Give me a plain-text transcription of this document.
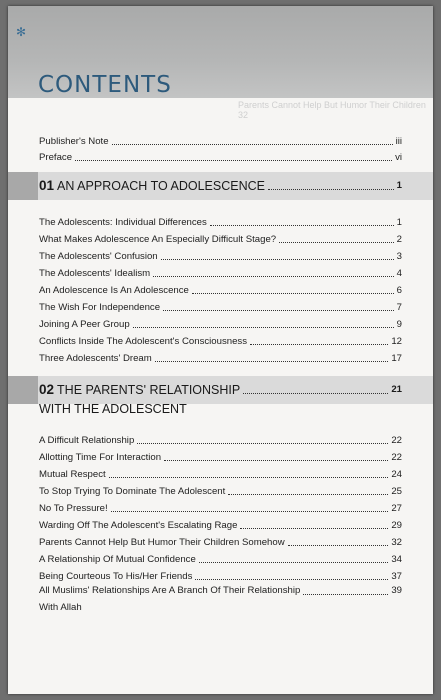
✻
CONTENTS
Parents Cannot Help But Humor Their Children 32
Publisher's Note	iii
Preface	vi
01 AN APPROACH TO ADOLESCENCE	1
The Adolescents: Individual Differences	1
What Makes Adolescence An Especially Difficult Stage?	2
The Adolescents' Confusion	3
The Adolescents' Idealism	4
An Adolescence Is An Adolescence	6
The Wish For Independence	7
Joining A Peer Group	9
Conflicts Inside The Adolescent's Consciousness	12
Three Adolescents' Dream	17
02 THE PARENTS' RELATIONSHIP	21
WITH THE ADOLESCENT
A Difficult Relationship	22
Allotting Time For Interaction	22
Mutual Respect	24
To Stop Trying To Dominate The Adolescent	25
No To Pressure!	27
Warding Off The Adolescent's Escalating Rage	29
Parents Cannot Help But Humor Their Children Somehow	32
A Relationship Of Mutual Confidence	34
Being Courteous To His/Her Friends	37
All Muslims' Relationships Are A Branch Of Their Relationship	39
With Allah
